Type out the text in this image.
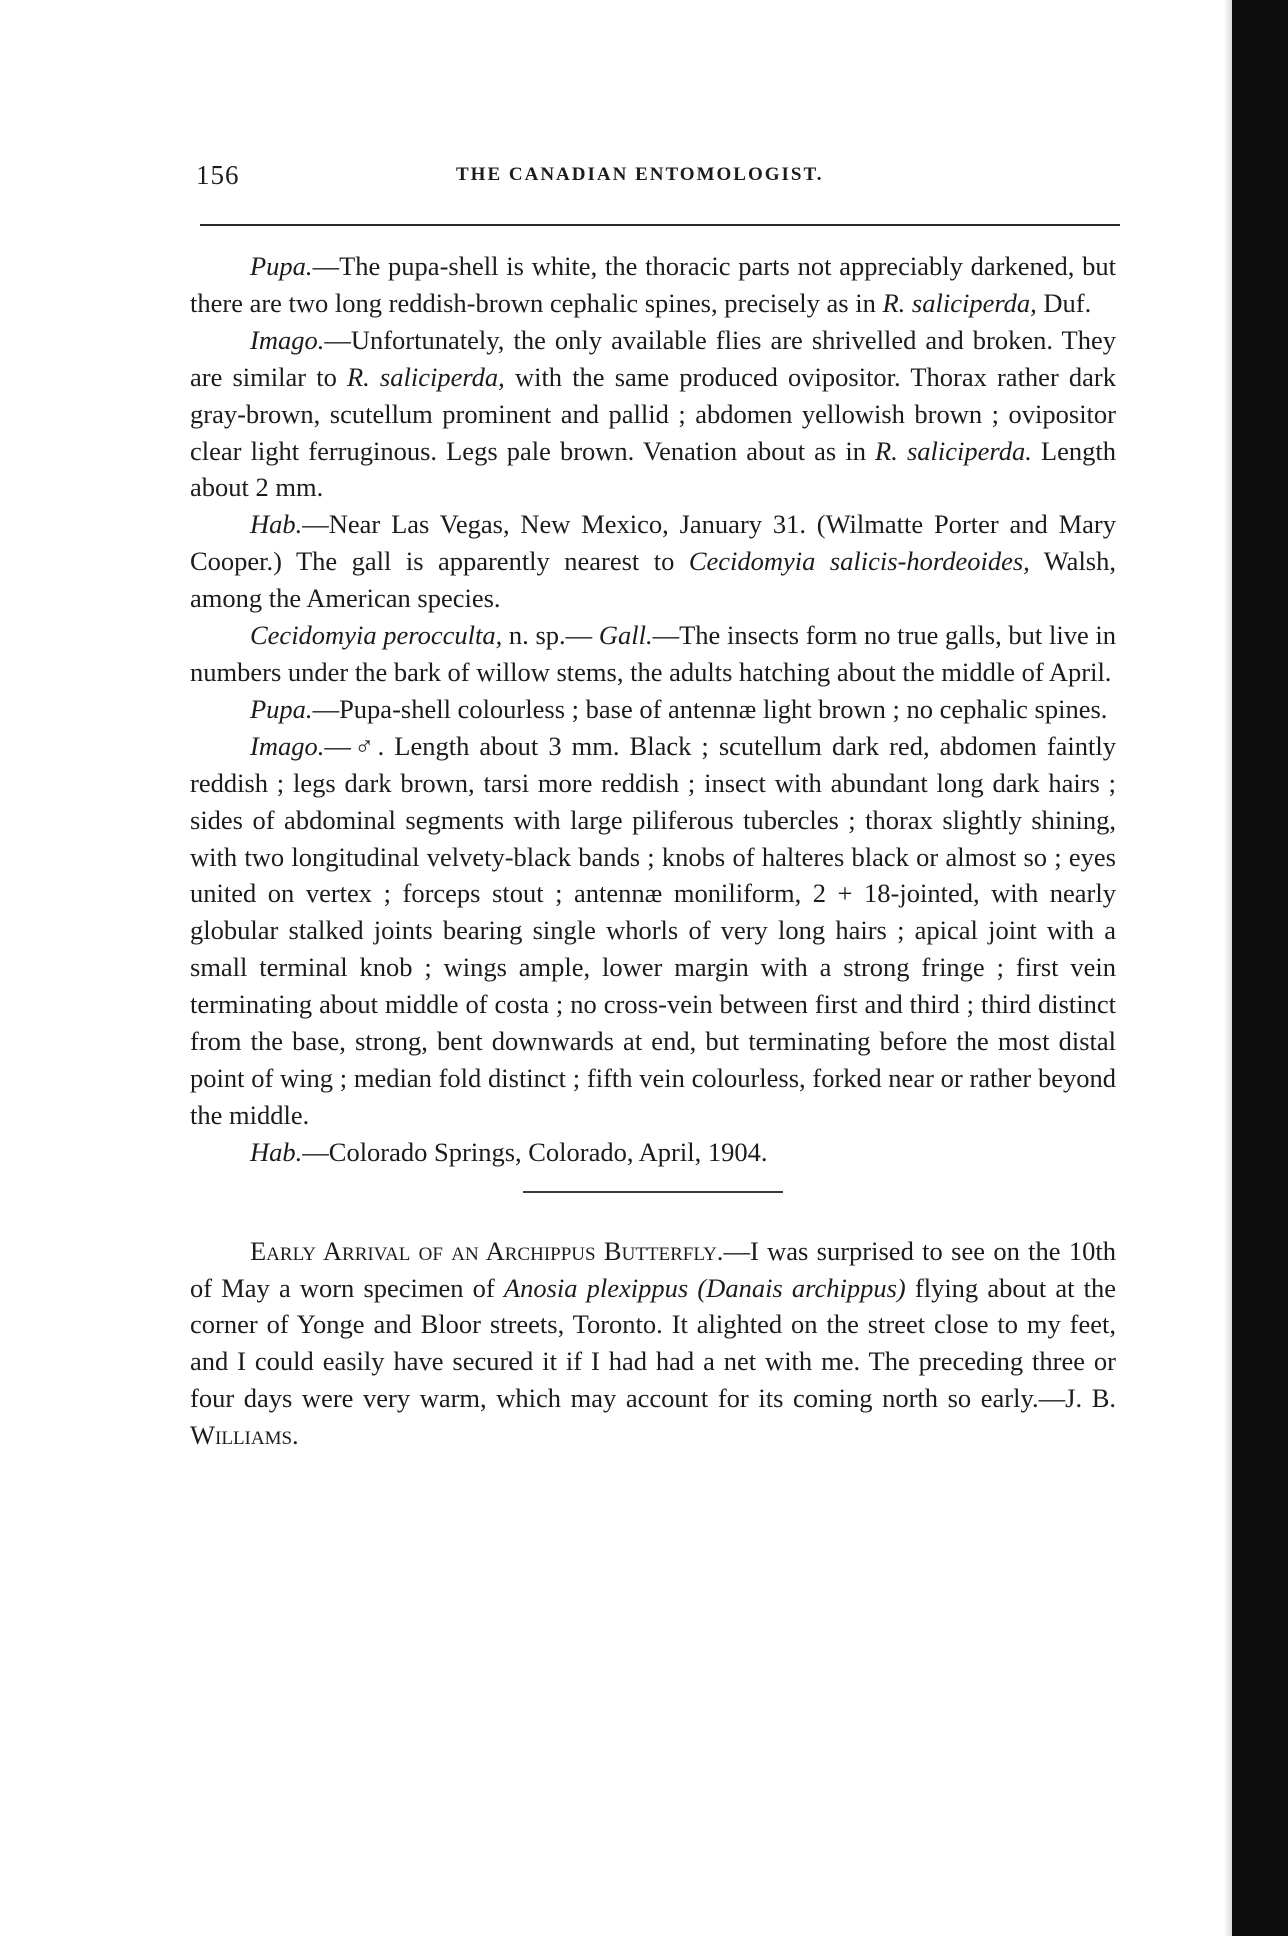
156	THE CANADIAN ENTOMOLOGIST.

Pupa.—The pupa-shell is white, the thoracic parts not appreciably darkened, but there are two long reddish-brown cephalic spines, precisely as in R. saliciperda, Duf.

Imago.—Unfortunately, the only available flies are shrivelled and broken. They are similar to R. saliciperda, with the same produced ovipositor. Thorax rather dark gray-brown, scutellum prominent and pallid ; abdomen yellowish brown ; ovipositor clear light ferruginous. Legs pale brown. Venation about as in R. saliciperda. Length about 2 mm.

Hab.—Near Las Vegas, New Mexico, January 31. (Wilmatte Porter and Mary Cooper.) The gall is apparently nearest to Cecidomyia salicis-hordeoides, Walsh, among the American species.

Cecidomyia perocculta, n. sp.— Gall.—The insects form no true galls, but live in numbers under the bark of willow stems, the adults hatching about the middle of April.

Pupa.—Pupa-shell colourless ; base of antennæ light brown ; no cephalic spines.

Imago.—♂. Length about 3 mm. Black ; scutellum dark red, abdomen faintly reddish ; legs dark brown, tarsi more reddish ; insect with abundant long dark hairs ; sides of abdominal segments with large piliferous tubercles ; thorax slightly shining, with two longitudinal velvety-black bands ; knobs of halteres black or almost so ; eyes united on vertex ; forceps stout ; antennæ moniliform, 2 + 18-jointed, with nearly globular stalked joints bearing single whorls of very long hairs ; apical joint with a small terminal knob ; wings ample, lower margin with a strong fringe ; first vein terminating about middle of costa ; no cross-vein between first and third ; third distinct from the base, strong, bent downwards at end, but terminating before the most distal point of wing ; median fold distinct ; fifth vein colourless, forked near or rather beyond the middle.

Hab.—Colorado Springs, Colorado, April, 1904.

Early Arrival of an Archippus Butterfly.—I was surprised to see on the 10th of May a worn specimen of Anosia plexippus (Danais archippus) flying about at the corner of Yonge and Bloor streets, Toronto. It alighted on the street close to my feet, and I could easily have secured it if I had had a net with me. The preceding three or four days were very warm, which may account for its coming north so early.—J. B. Williams.
